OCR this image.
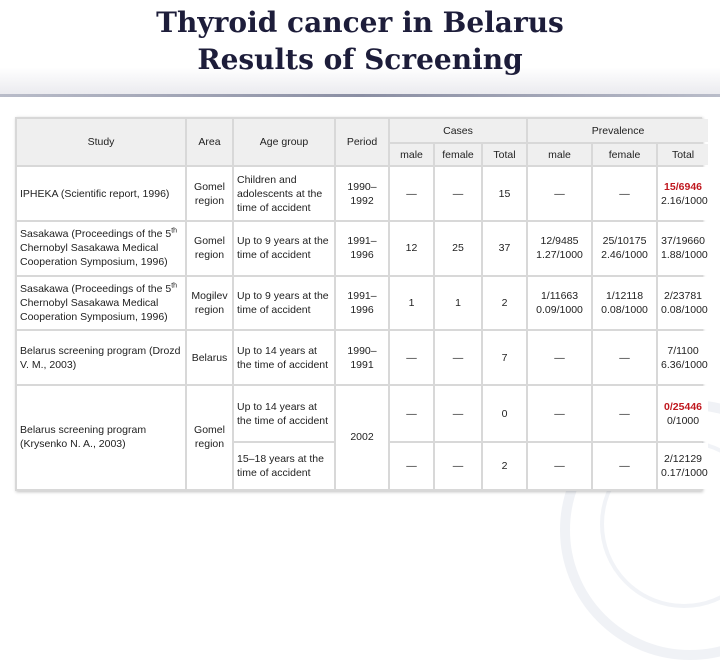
Thyroid cancer in Belarus
Results of Screening
Study	Area	Age group	Period	Cases			Prevalence		
				male	female	Total	male	female	Total
IPHEKA (Scientific report, 1996)	Gomel region	Children and adolescents at the time of accident	1990–1992	—	—	15	—	—	15/6946
2.16/1000

Sasakawa (Proceedings of the 5th Chernobyl Sasakawa Medical Cooperation Symposium, 1996)	Gomel region	Up to 9 years at the time of accident	1991–1996	12	25	37	12/9485
1.27/1000	25/10175
2.46/1000	37/19660
1.88/1000

Sasakawa (Proceedings of the 5th Chernobyl Sasakawa Medical Cooperation Symposium, 1996)	Mogilev region	Up to 9 years at the time of accident	1991–1996	1	1	2	1/11663
0.09/1000	1/12118
0.08/1000	2/23781
0.08/1000

Belarus screening program (Drozd V. M., 2003)	Belarus	Up to 14 years at the time of accident	1990–1991	—	—	7	—	—	7/1100
6.36/1000

Belarus screening program (Krysenko N. A., 2003)	Gomel region	Up to 14 years at the time of accident	2002	—	—	0	—	—	0/25446
0/1000

		15–18 years at the time of accident		—	—	2	—	—	2/12129
0.17/1000
